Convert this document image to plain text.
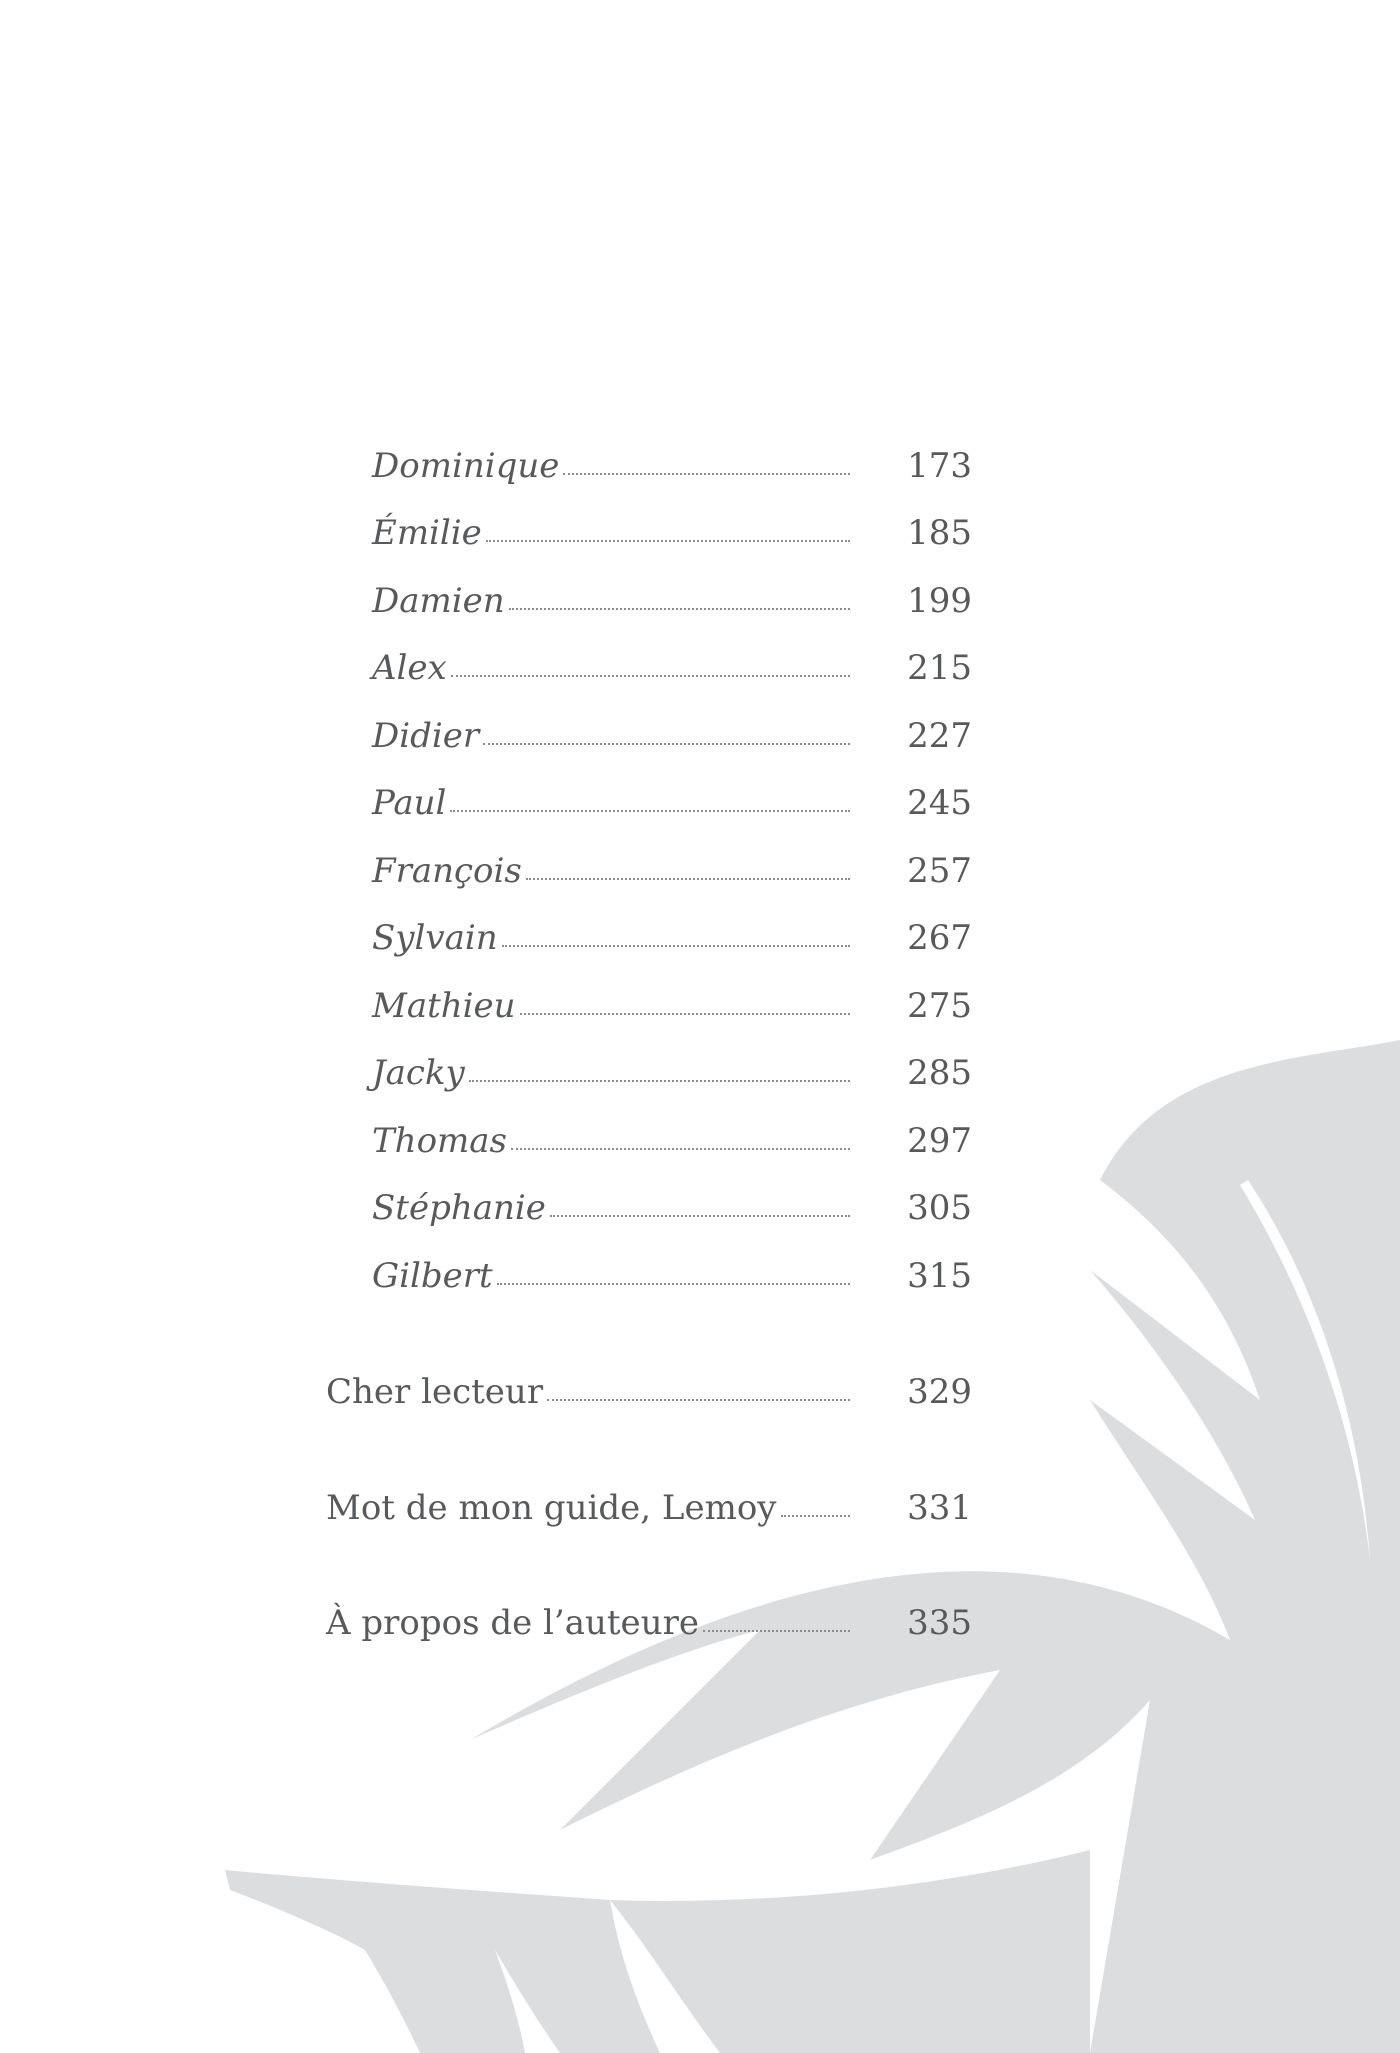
Dominique	173
Émilie	185
Damien	199
Alex	215
Didier	227
Paul	245
François	257
Sylvain	267
Mathieu	275
Jacky	285
Thomas	297
Stéphanie	305
Gilbert	315
Cher lecteur	329
Mot de mon guide, Lemoy	331
À propos de l’auteure	335
